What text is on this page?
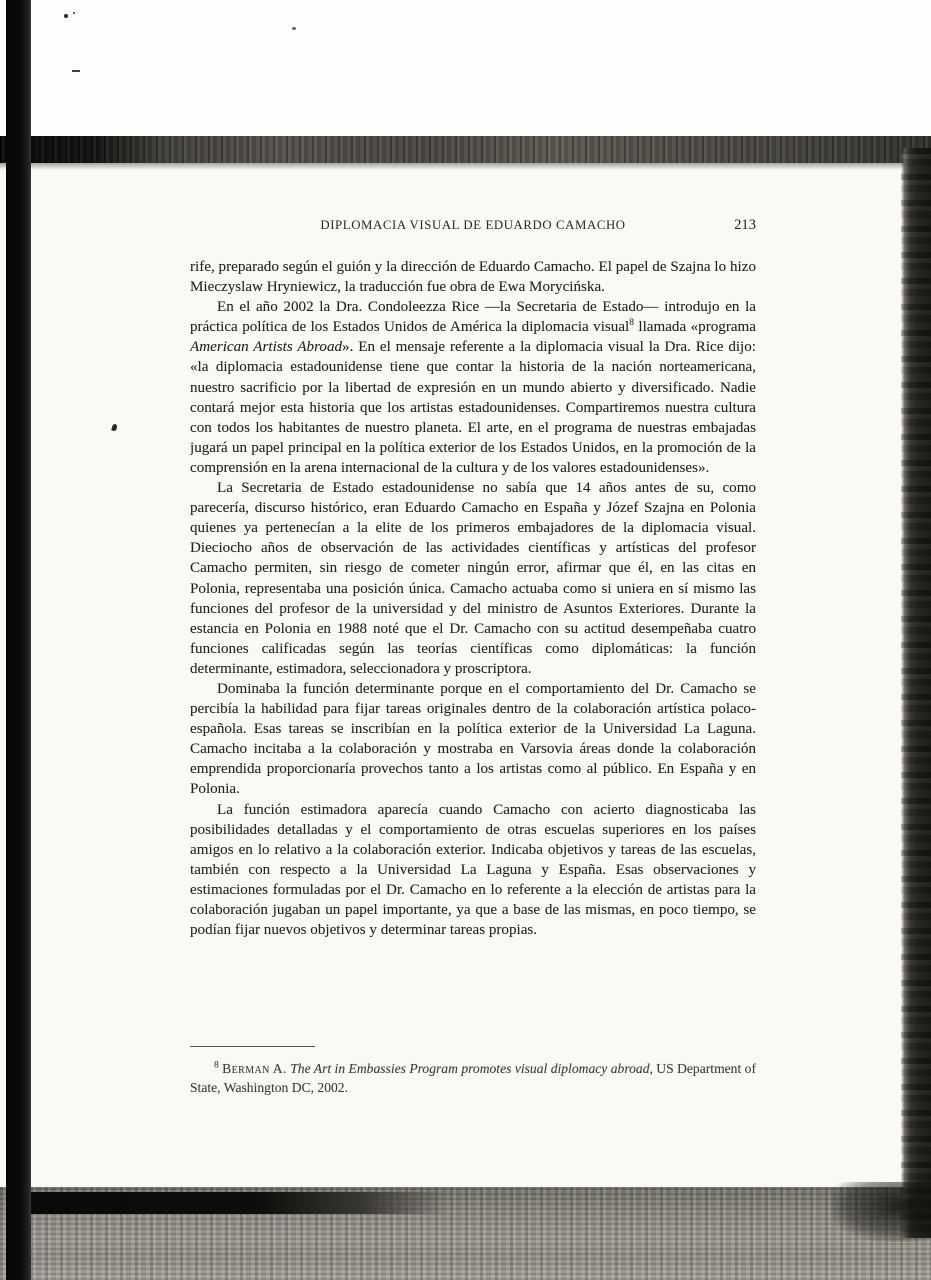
DIPLOMACIA VISUAL DE EDUARDO CAMACHO	213

rife, preparado según el guión y la dirección de Eduardo Camacho. El papel de Szajna lo hizo Mieczyslaw Hryniewicz, la traducción fue obra de Ewa Morycińska.

En el año 2002 la Dra. Condoleezza Rice —la Secretaria de Estado— introdujo en la práctica política de los Estados Unidos de América la diplomacia visual$^8$ llamada «programa American Artists Abroad». En el mensaje referente a la diplomacia visual la Dra. Rice dijo: «la diplomacia estadounidense tiene que contar la historia de la nación norteamericana, nuestro sacrificio por la libertad de expresión en un mundo abierto y diversificado. Nadie contará mejor esta historia que los artistas estadounidenses. Compartiremos nuestra cultura con todos los habitantes de nuestro planeta. El arte, en el programa de nuestras embajadas jugará un papel principal en la política exterior de los Estados Unidos, en la promoción de la comprensión en la arena internacional de la cultura y de los valores estadounidenses».

La Secretaria de Estado estadounidense no sabía que 14 años antes de su, como parecería, discurso histórico, eran Eduardo Camacho en España y Józef Szajna en Polonia quienes ya pertenecían a la elite de los primeros embajadores de la diplomacia visual. Dieciocho años de observación de las actividades científicas y artísticas del profesor Camacho permiten, sin riesgo de cometer ningún error, afirmar que él, en las citas en Polonia, representaba una posición única. Camacho actuaba como si uniera en sí mismo las funciones del profesor de la universidad y del ministro de Asuntos Exteriores. Durante la estancia en Polonia en 1988 noté que el Dr. Camacho con su actitud desempeñaba cuatro funciones calificadas según las teorías científicas como diplomáticas: la función determinante, estimadora, seleccionadora y proscriptora.

Dominaba la función determinante porque en el comportamiento del Dr. Camacho se percibía la habilidad para fijar tareas originales dentro de la colaboración artística polaco-española. Esas tareas se inscribían en la política exterior de la Universidad La Laguna. Camacho incitaba a la colaboración y mostraba en Varsovia áreas donde la colaboración emprendida proporcionaría provechos tanto a los artistas como al público. En España y en Polonia.

La función estimadora aparecía cuando Camacho con acierto diagnosticaba las posibilidades detalladas y el comportamiento de otras escuelas superiores en los países amigos en lo relativo a la colaboración exterior. Indicaba objetivos y tareas de las escuelas, también con respecto a la Universidad La Laguna y España. Esas observaciones y estimaciones formuladas por el Dr. Camacho en lo referente a la elección de artistas para la colaboración jugaban un papel importante, ya que a base de las mismas, en poco tiempo, se podían fijar nuevos objetivos y determinar tareas propias.

$^8$ Berman A. The Art in Embassies Program promotes visual diplomacy abroad, US Department of State, Washington DC, 2002.
